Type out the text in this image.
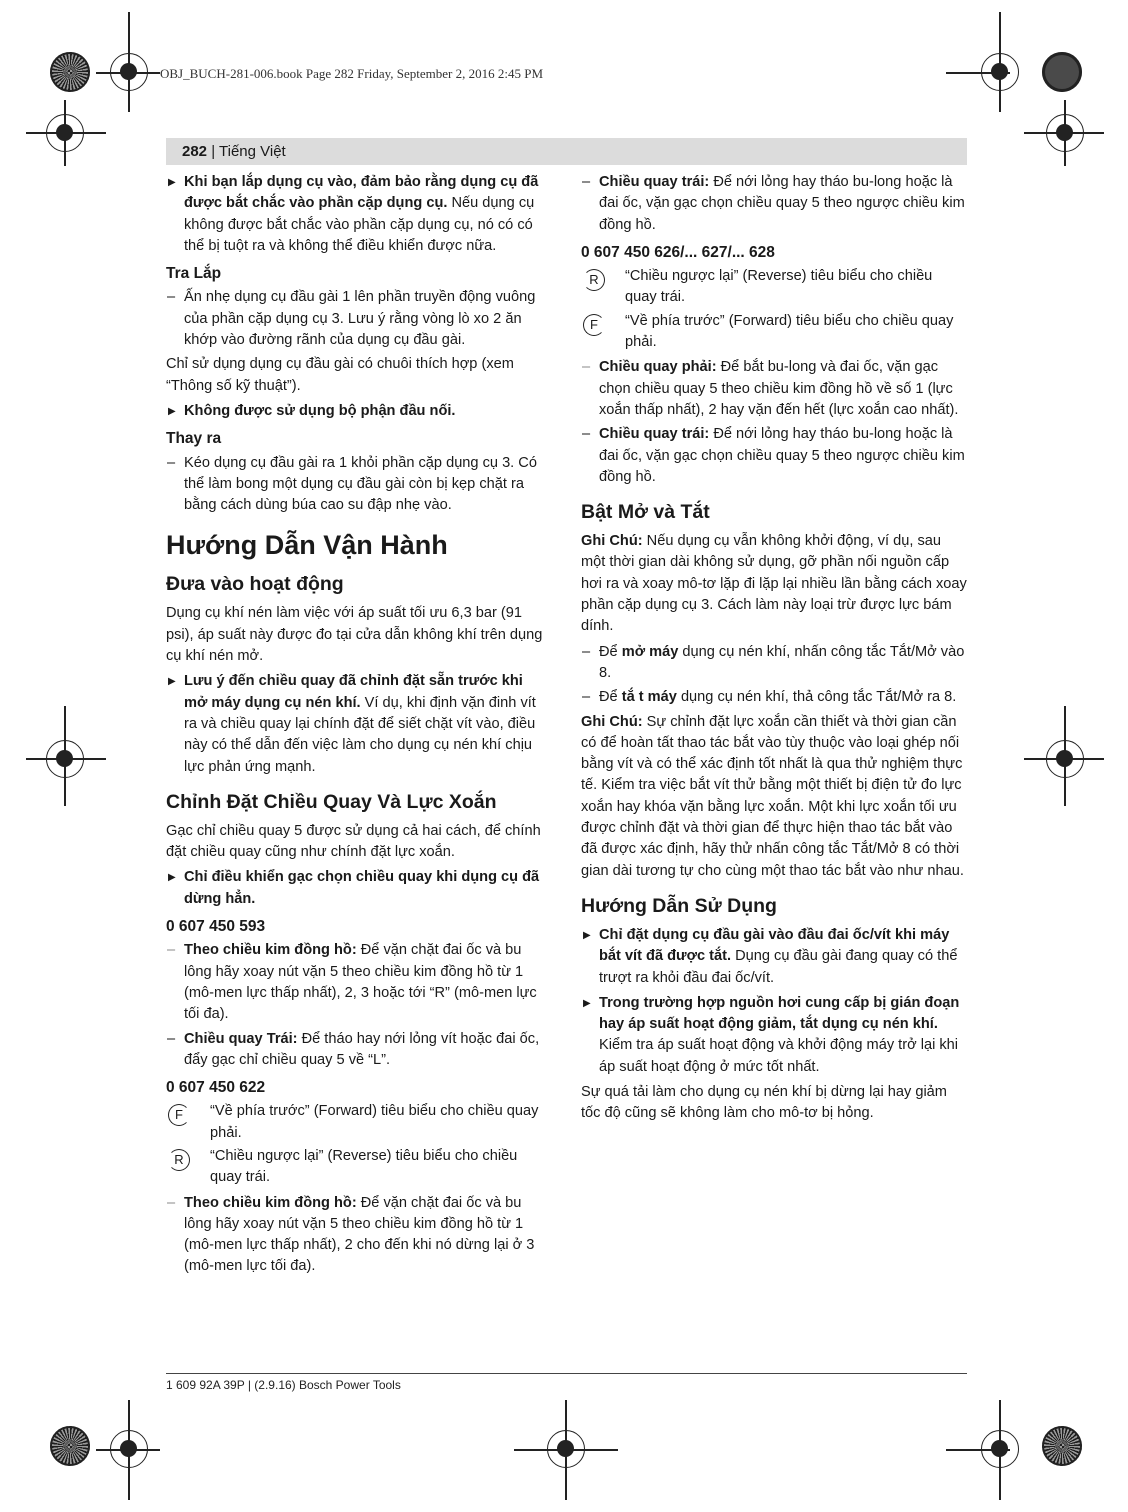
OBJ_BUCH-281-006.book Page 282 Friday, September 2, 2016 2:45 PM
282 | Tiếng Việt
▶ Khi bạn lắp dụng cụ vào, đảm bảo rằng dụng cụ đã được bắt chắc vào phần cặp dụng cụ. Nếu dụng cụ không được bắt chắc vào phần cặp dụng cụ, nó có có thể bị tuột ra và không thể điều khiển được nữa.
Tra Lắp
– Ấn nhẹ dụng cụ đầu gài 1 lên phần truyền động vuông của phần cặp dụng cụ 3. Lưu ý rằng vòng lò xo 2 ăn khớp vào đường rãnh của dụng cụ đầu gài.
Chỉ sử dụng dụng cụ đầu gài có chuôi thích hợp (xem “Thông số kỹ thuật”).
▶ Không được sử dụng bộ phận đầu nối.
Thay ra
– Kéo dụng cụ đầu gài ra 1 khỏi phần cặp dụng cụ 3. Có thể làm bong một dụng cụ đầu gài còn bị kẹp chặt ra bằng cách dùng búa cao su đập nhẹ vào.
Hướng Dẫn Vận Hành
Đưa vào hoạt động
Dụng cụ khí nén làm việc với áp suất tối ưu 6,3 bar (91 psi), áp suất này được đo tại cửa dẫn không khí trên dụng cụ khí nén mở.
▶ Lưu ý đến chiều quay đã chỉnh đặt sẵn trước khi mở máy dụng cụ nén khí. Ví dụ, khi định vặn đinh vít ra và chiều quay lại chính đặt để siết chặt vít vào, điều này có thể dẫn đến việc làm cho dụng cụ nén khí chịu lực phản ứng mạnh.
Chỉnh Đặt Chiều Quay Và Lực Xoắn
Gạc chỉ chiều quay 5 được sử dụng cả hai cách, để chính đặt chiều quay cũng như chính đặt lực xoắn.
▶ Chỉ điều khiển gạc chọn chiều quay khi dụng cụ đã dừng hẳn.
0 607 450 593
– Theo chiều kim đồng hồ: Để vặn chặt đai ốc và bu lông hãy xoay nút vặn 5 theo chiều kim đồng hồ từ 1 (mô-men lực thấp nhất), 2, 3 hoặc tới “R” (mô-men lực tối đa).
– Chiều quay Trái: Để tháo hay nới lỏng vít hoặc đai ốc, đẩy gạc chỉ chiều quay 5 về “L”.
0 607 450 622
F	“Về phía trước” (Forward) tiêu biểu cho chiều quay phải.
R	“Chiều ngược lại” (Reverse) tiêu biểu cho chiều quay trái.
– Theo chiều kim đồng hồ: Để vặn chặt đai ốc và bu lông hãy xoay nút vặn 5 theo chiều kim đồng hồ từ 1 (mô-men lực thấp nhất), 2 cho đến khi nó dừng lại ở 3 (mô-men lực tối đa).
– Chiều quay trái: Để nới lỏng hay tháo bu-long hoặc là đai ốc, vặn gạc chọn chiều quay 5 theo ngược chiều kim đồng hồ.
0 607 450 626/... 627/... 628
R	“Chiều ngược lại” (Reverse) tiêu biểu cho chiều quay trái.
F	“Về phía trước” (Forward) tiêu biểu cho chiều quay phải.
– Chiều quay phải: Để bắt bu-long và đai ốc, vặn gạc chọn chiều quay 5 theo chiều kim đồng hồ về số 1 (lực xoắn thấp nhất), 2 hay vặn đến hết (lực xoắn cao nhất).
– Chiều quay trái: Để nới lỏng hay tháo bu-long hoặc là đai ốc, vặn gạc chọn chiều quay 5 theo ngược chiều kim đồng hồ.
Bật Mở và Tắt
Ghi Chú: Nếu dụng cụ vẫn không khởi động, ví dụ, sau một thời gian dài không sử dụng, gỡ phần nối nguồn cấp hơi ra và xoay mô-tơ lặp đi lặp lại nhiều lần bằng cách xoay phần cặp dụng cụ 3. Cách làm này loại trừ được lực bám dính.
– Để mở máy dụng cụ nén khí, nhấn công tắc Tắt/Mở vào 8.
– Để tắ t máy dụng cụ nén khí, thả công tắc Tắt/Mở ra 8.
Ghi Chú: Sự chỉnh đặt lực xoắn cần thiết và thời gian cần có để hoàn tất thao tác bắt vào tùy thuộc vào loại ghép nối bằng vít và có thể xác định tốt nhất là qua thử nghiệm thực tế. Kiểm tra việc bắt vít thử bằng một thiết bị điện tử đo lực xoắn hay khóa vặn bằng lực xoắn. Một khi lực xoắn tối ưu được chỉnh đặt và thời gian để thực hiện thao tác bắt vào đã được xác định, hãy thử nhấn công tắc Tắt/Mở 8 có thời gian dài tương tự cho cùng một thao tác bắt vào như nhau.
Hướng Dẫn Sử Dụng
▶ Chỉ đặt dụng cụ đầu gài vào đầu đai ốc/vít khi máy bắt vít đã được tắt. Dụng cụ đầu gài đang quay có thể trượt ra khỏi đầu đai ốc/vít.
▶ Trong trường hợp nguồn hơi cung cấp bị gián đoạn hay áp suất hoạt động giảm, tắt dụng cụ nén khí. Kiểm tra áp suất hoạt động và khởi động máy trở lại khi áp suất hoạt động ở mức tốt nhất.
Sự quá tải làm cho dụng cụ nén khí bị dừng lại hay giảm tốc độ cũng sẽ không làm cho mô-tơ bị hỏng.
1 609 92A 39P | (2.9.16) Bosch Power Tools
